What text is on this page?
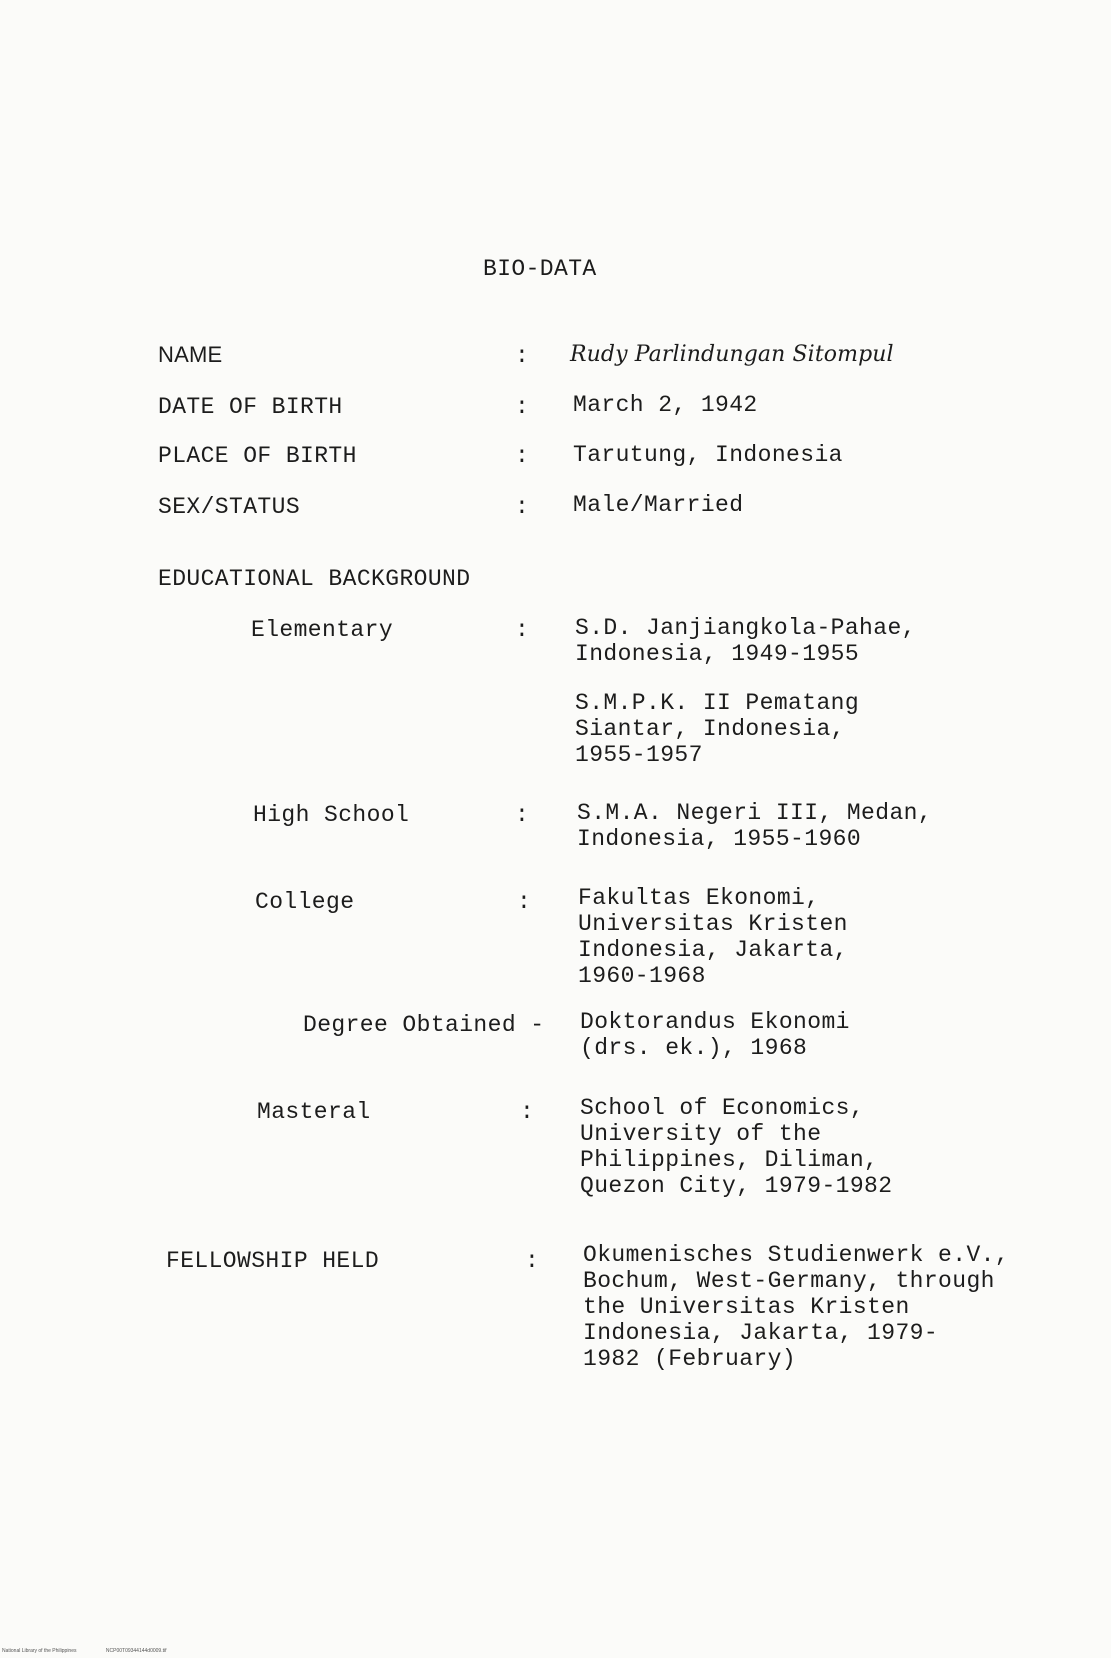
BIO-DATA
NAME	: Rudy Parlindungan Sitompul
DATE OF BIRTH	: March 2, 1942
PLACE OF BIRTH	: Tarutung, Indonesia
SEX/STATUS	: Male/Married
EDUCATIONAL BACKGROUND
Elementary	: S.D. Janjiangkola-Pahae,
Indonesia, 1949-1955
S.M.P.K. II Pematang
Siantar, Indonesia,
1955-1957
High School	: S.M.A. Negeri III, Medan,
Indonesia, 1955-1960
College	: Fakultas Ekonomi,
Universitas Kristen
Indonesia, Jakarta,
1960-1968
Degree Obtained - Doktorandus Ekonomi
(drs. ek.), 1968
Masteral	: School of Economics,
University of the
Philippines, Diliman,
Quezon City, 1979-1982
FELLOWSHIP HELD	: Okumenisches Studienwerk e.V.,
Bochum, West-Germany, through
the Universitas Kristen
Indonesia, Jakarta, 1979-
1982 (February)
National Library of the Philippines	NCP00T09344144d0009.tif
